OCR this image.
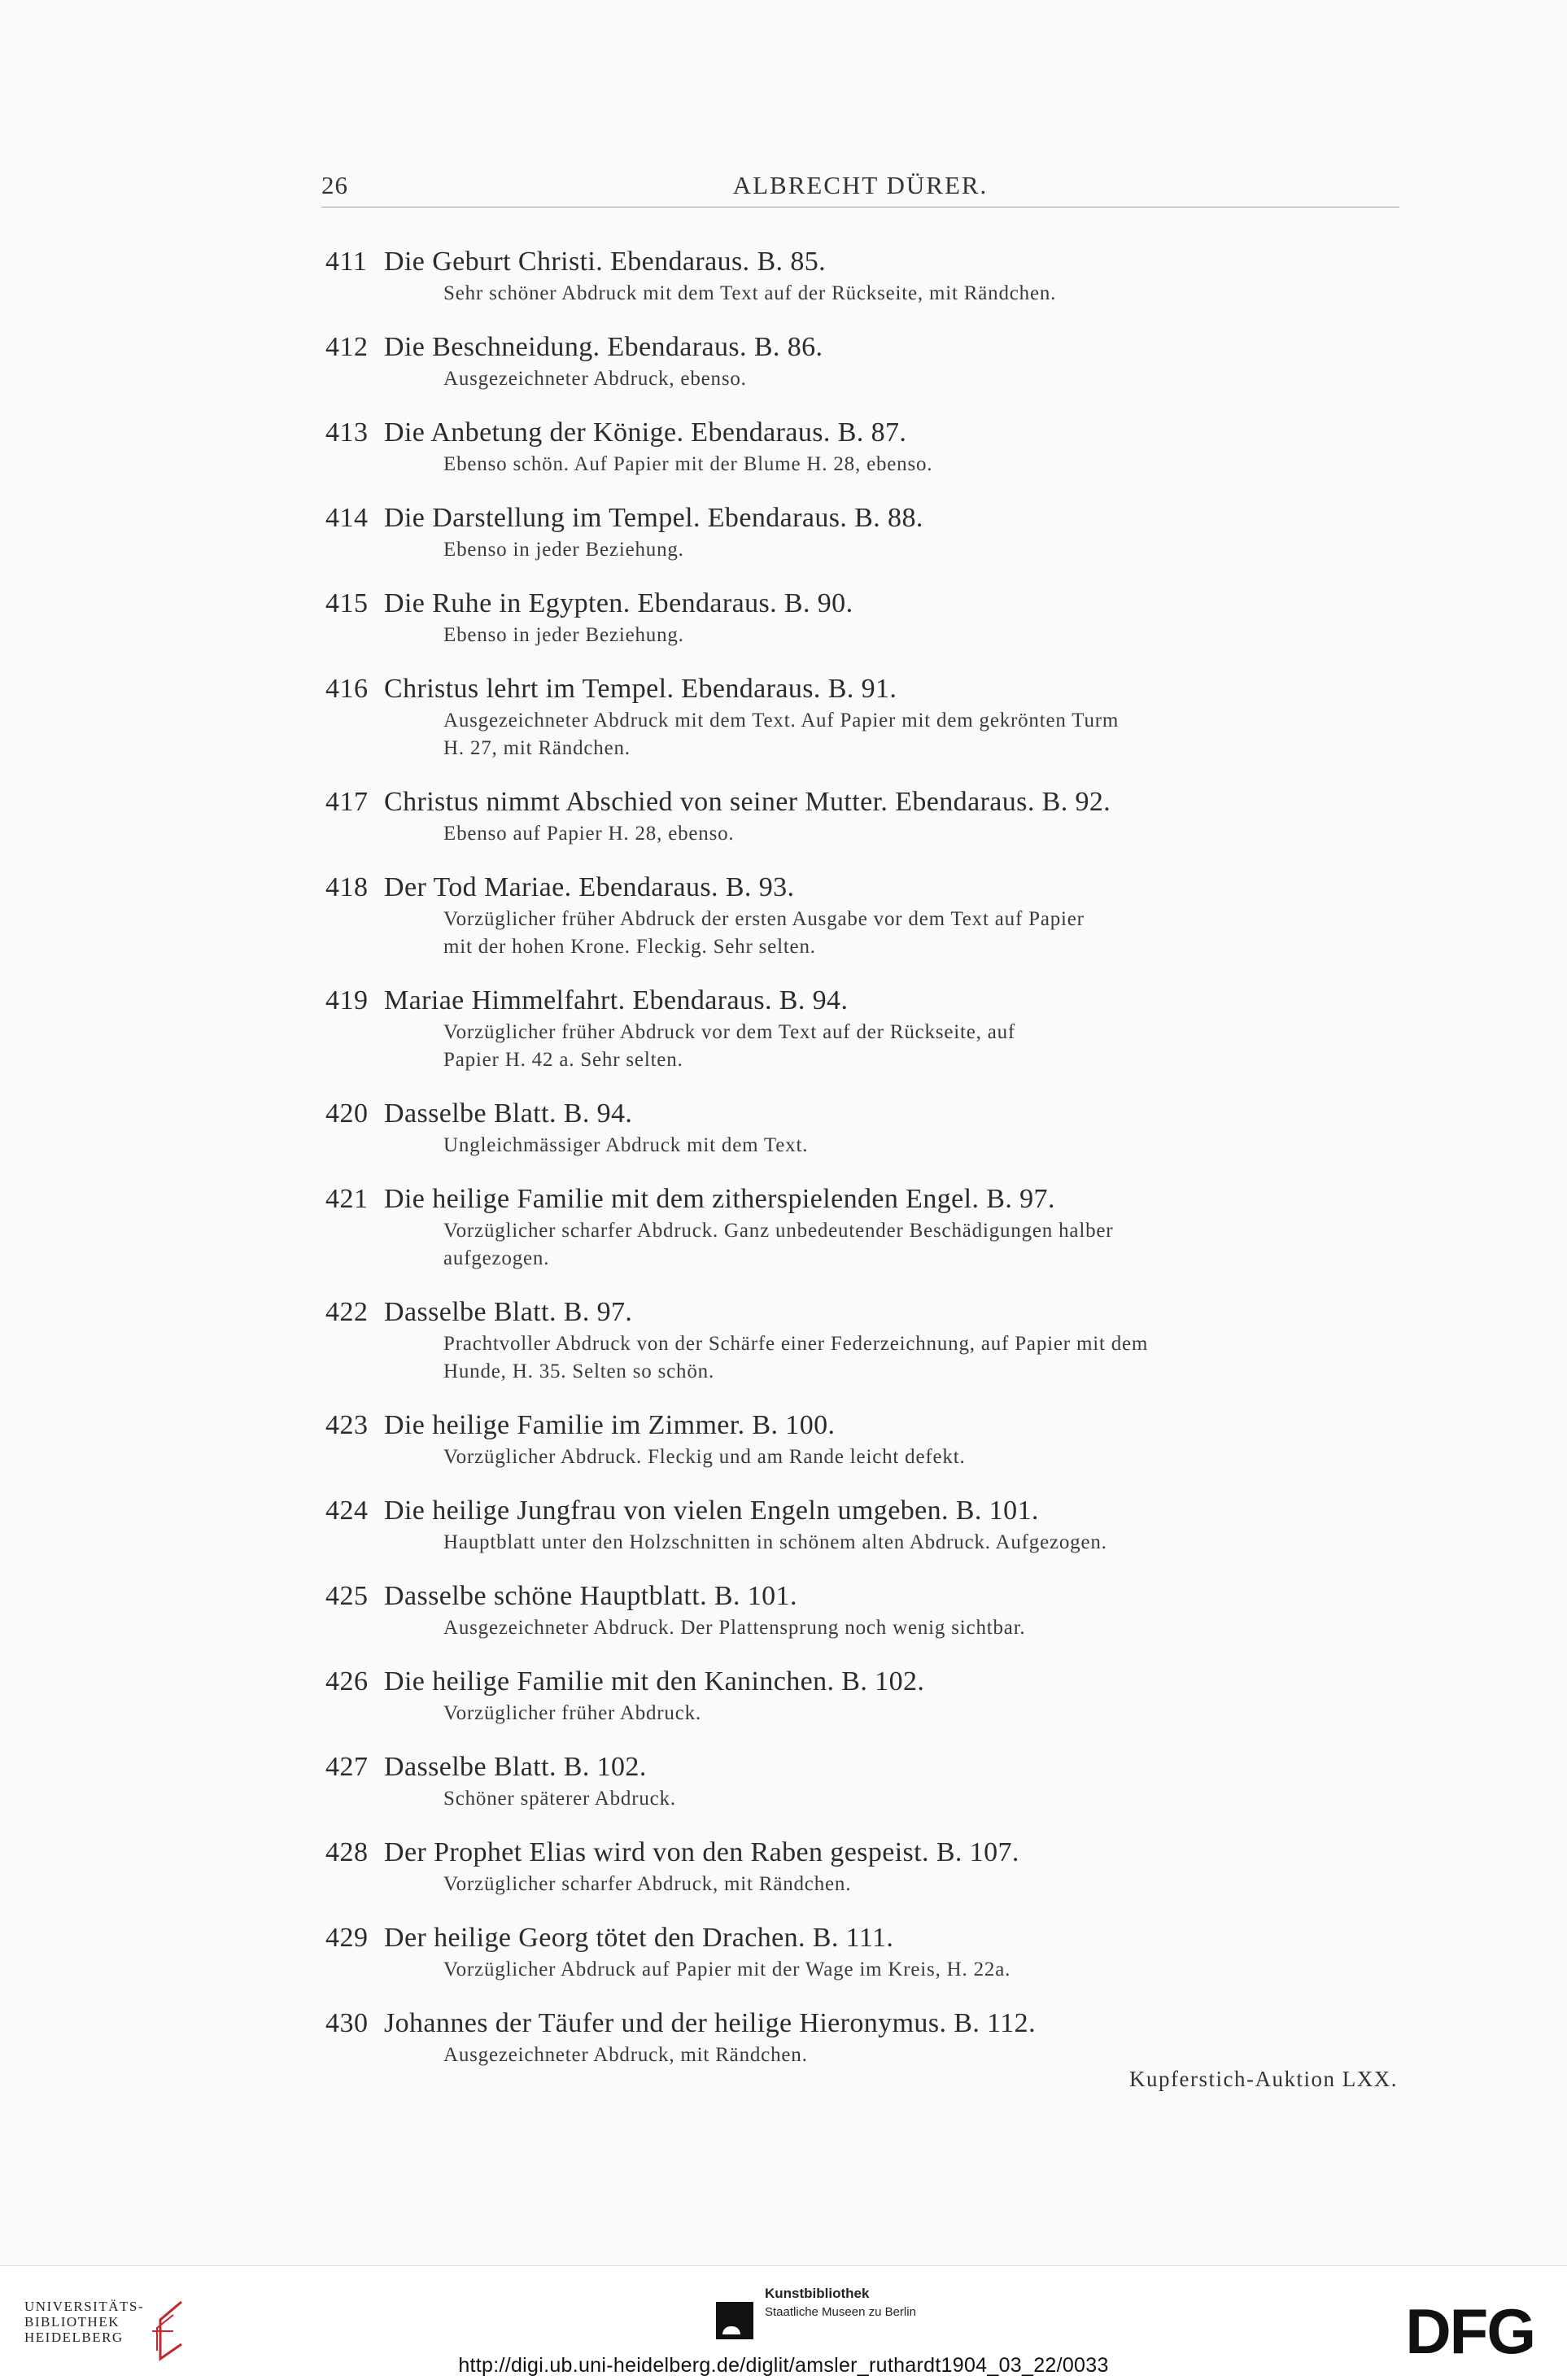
26	ALBRECHT DÜRER.
411 Die Geburt Christi. Ebendaraus. B. 85.
Sehr schöner Abdruck mit dem Text auf der Rückseite, mit Rändchen.
412 Die Beschneidung. Ebendaraus. B. 86.
Ausgezeichneter Abdruck, ebenso.
413 Die Anbetung der Könige. Ebendaraus. B. 87.
Ebenso schön. Auf Papier mit der Blume H. 28, ebenso.
414 Die Darstellung im Tempel. Ebendaraus. B. 88.
Ebenso in jeder Beziehung.
415 Die Ruhe in Egypten. Ebendaraus. B. 90.
Ebenso in jeder Beziehung.
416 Christus lehrt im Tempel. Ebendaraus. B. 91.
Ausgezeichneter Abdruck mit dem Text. Auf Papier mit dem gekrönten Turm
H. 27, mit Rändchen.
417 Christus nimmt Abschied von seiner Mutter. Ebendaraus. B. 92.
Ebenso auf Papier H. 28, ebenso.
418 Der Tod Mariae. Ebendaraus. B. 93.
Vorzüglicher früher Abdruck der ersten Ausgabe vor dem Text auf Papier
mit der hohen Krone. Fleckig. Sehr selten.
419 Mariae Himmelfahrt. Ebendaraus. B. 94.
Vorzüglicher früher Abdruck vor dem Text auf der Rückseite, auf
Papier H. 42 a. Sehr selten.
420 Dasselbe Blatt. B. 94.
Ungleichmässiger Abdruck mit dem Text.
421 Die heilige Familie mit dem zitherspielenden Engel. B. 97.
Vorzüglicher scharfer Abdruck. Ganz unbedeutender Beschädigungen halber
aufgezogen.
422 Dasselbe Blatt. B. 97.
Prachtvoller Abdruck von der Schärfe einer Federzeichnung, auf Papier mit dem
Hunde, H. 35. Selten so schön.
423 Die heilige Familie im Zimmer. B. 100.
Vorzüglicher Abdruck. Fleckig und am Rande leicht defekt.
424 Die heilige Jungfrau von vielen Engeln umgeben. B. 101.
Hauptblatt unter den Holzschnitten in schönem alten Abdruck. Aufgezogen.
425 Dasselbe schöne Hauptblatt. B. 101.
Ausgezeichneter Abdruck. Der Plattensprung noch wenig sichtbar.
426 Die heilige Familie mit den Kaninchen. B. 102.
Vorzüglicher früher Abdruck.
427 Dasselbe Blatt. B. 102.
Schöner späterer Abdruck.
428 Der Prophet Elias wird von den Raben gespeist. B. 107.
Vorzüglicher scharfer Abdruck, mit Rändchen.
429 Der heilige Georg tötet den Drachen. B. 111.
Vorzüglicher Abdruck auf Papier mit der Wage im Kreis, H. 22a.
430 Johannes der Täufer und der heilige Hieronymus. B. 112.
Ausgezeichneter Abdruck, mit Rändchen.
Kupferstich-Auktion LXX.
UNIVERSITÄTS-
BIBLIOTHEK
HEIDELBERG
Kunstbibliothek
Staatliche Museen zu Berlin	DFG
http://digi.ub.uni-heidelberg.de/diglit/amsler_ruthardt1904_03_22/0033
